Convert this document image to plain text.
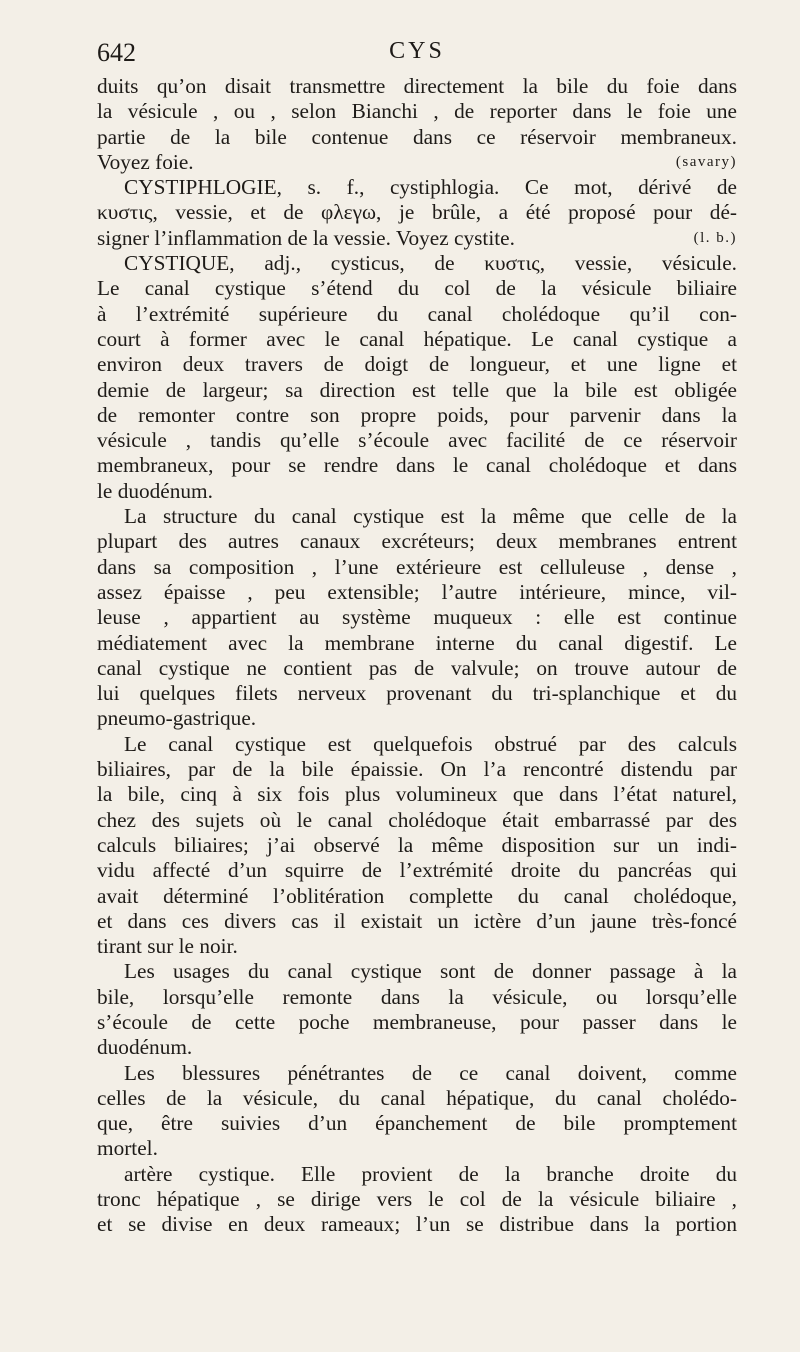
642	CYS
duits qu’on disait transmettre directement la bile du foie dans
la vésicule , ou , selon Bianchi , de reporter dans le foie une
partie de la bile contenue dans ce réservoir membraneux.
Voyez foie.	(savary)
CYSTIPHLOGIE, s. f., cystiphlogia. Ce mot, dérivé de
κυστις, vessie, et de φλεγω, je brûle, a été proposé pour dé-
signer l’inflammation de la vessie. Voyez cystite.	(l. b.)
CYSTIQUE, adj., cysticus, de κυστις, vessie, vésicule.
Le canal cystique s’étend du col de la vésicule biliaire
à l’extrémité supérieure du canal cholédoque qu’il con-
court à former avec le canal hépatique. Le canal cystique a
environ deux travers de doigt de longueur, et une ligne et
demie de largeur; sa direction est telle que la bile est obligée
de remonter contre son propre poids, pour parvenir dans la
vésicule , tandis qu’elle s’écoule avec facilité de ce réservoir
membraneux, pour se rendre dans le canal cholédoque et dans
le duodénum.
La structure du canal cystique est la même que celle de la
plupart des autres canaux excréteurs; deux membranes entrent
dans sa composition , l’une extérieure est celluleuse , dense ,
assez épaisse , peu extensible; l’autre intérieure, mince, vil-
leuse , appartient au système muqueux : elle est continue
médiatement avec la membrane interne du canal digestif. Le
canal cystique ne contient pas de valvule; on trouve autour de
lui quelques filets nerveux provenant du tri-splanchique et du
pneumo-gastrique.
Le canal cystique est quelquefois obstrué par des calculs
biliaires, par de la bile épaissie. On l’a rencontré distendu par
la bile, cinq à six fois plus volumineux que dans l’état naturel,
chez des sujets où le canal cholédoque était embarrassé par des
calculs biliaires; j’ai observé la même disposition sur un indi-
vidu affecté d’un squirre de l’extrémité droite du pancréas qui
avait déterminé l’oblitération complette du canal cholédoque,
et dans ces divers cas il existait un ictère d’un jaune très-foncé
tirant sur le noir.
Les usages du canal cystique sont de donner passage à la
bile, lorsqu’elle remonte dans la vésicule, ou lorsqu’elle
s’écoule de cette poche membraneuse, pour passer dans le
duodénum.
Les blessures pénétrantes de ce canal doivent, comme
celles de la vésicule, du canal hépatique, du canal cholédo-
que, être suivies d’un épanchement de bile promptement
mortel.
artère cystique. Elle provient de la branche droite du
tronc hépatique , se dirige vers le col de la vésicule biliaire ,
et se divise en deux rameaux; l’un se distribue dans la portion
